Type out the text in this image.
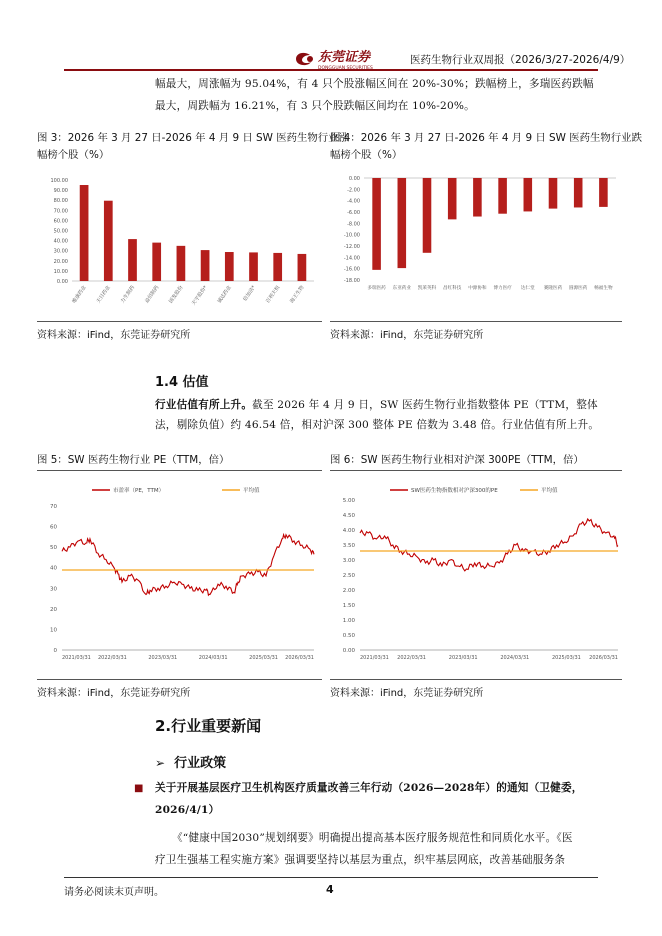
东莞证券
DONGGUAN SECURITIES
医药生物行业双周报（2026/3/27-2026/4/9）
幅最大，周涨幅为 95.04%，有 4 只个股涨幅区间在 20%-30%；跌幅榜上，多瑞医药跌幅
最大，周跌幅为 16.21%，有 3 只个股跌幅区间均在 10%-20%。
图 3：2026 年 3 月 27 日-2026 年 4 月 9 日 SW 医药生物行业涨
幅榜个股（%）
图 4：2026 年 3 月 27 日-2026 年 4 月 9 日 SW 医药生物行业跌
幅榜个股（%）
0.00
10.00
20.00
30.00
40.00
50.00
60.00
70.00
80.00
90.00
100.00
维康药业 天目药业 力生制药 益佰制药 国发股份 天宇股份* 诚达药业 倍加洁* 百利天恒 海王生物
0.00
-2.00
-4.00
-6.00
-8.00
-10.00
-12.00
-14.00
-16.00
-18.00
多瑞医药 东亚药业 凯莱英科 昌红科技 中源协和 博力医疗 达仁堂 赛隆医药 圆源医药 畅福生物
资料来源：iFind，东莞证券研究所	资料来源：iFind，东莞证券研究所
1.4 估值
行业估值有所上升。截至 2026 年 4 月 9 日，SW 医药生物行业指数整体 PE（TTM，整体
法，剔除负值）约 46.54 倍，相对沪深 300 整体 PE 倍数为 3.48 倍。行业估值有所上升。
图 5：SW 医药生物行业 PE（TTM，倍）	图 6：SW 医药生物行业相对沪深 300PE（TTM，倍）
0
10
20
30
40
50
60
70
2021/03/31 2022/03/31	2023/03/31	2024/03/31	2025/03/31 2026/03/31
市盈率（PE，TTM）	平均值
0.00
0.50
1.00
1.50
2.00
2.50
3.00
3.50
4.00
4.50
5.00
2021/03/31 2022/03/31	2023/03/31	2024/03/31	2025/03/31 2026/03/31
SW医药生物指数相对沪深300的PE	平均值
资料来源：iFind，东莞证券研究所	资料来源：iFind，东莞证券研究所
2.行业重要新闻
➢ 行业政策
■ 关于开展基层医疗卫生机构医疗质量改善三年行动（2026—2028年）的通知（卫健委，
2026/4/1）
《“健康中国2030”规划纲要》明确提出提高基本医疗服务规范性和同质化水平。《医
疗卫生强基工程实施方案》强调要坚持以基层为重点，织牢基层网底，改善基础服务条
请务必阅读末页声明。	4
